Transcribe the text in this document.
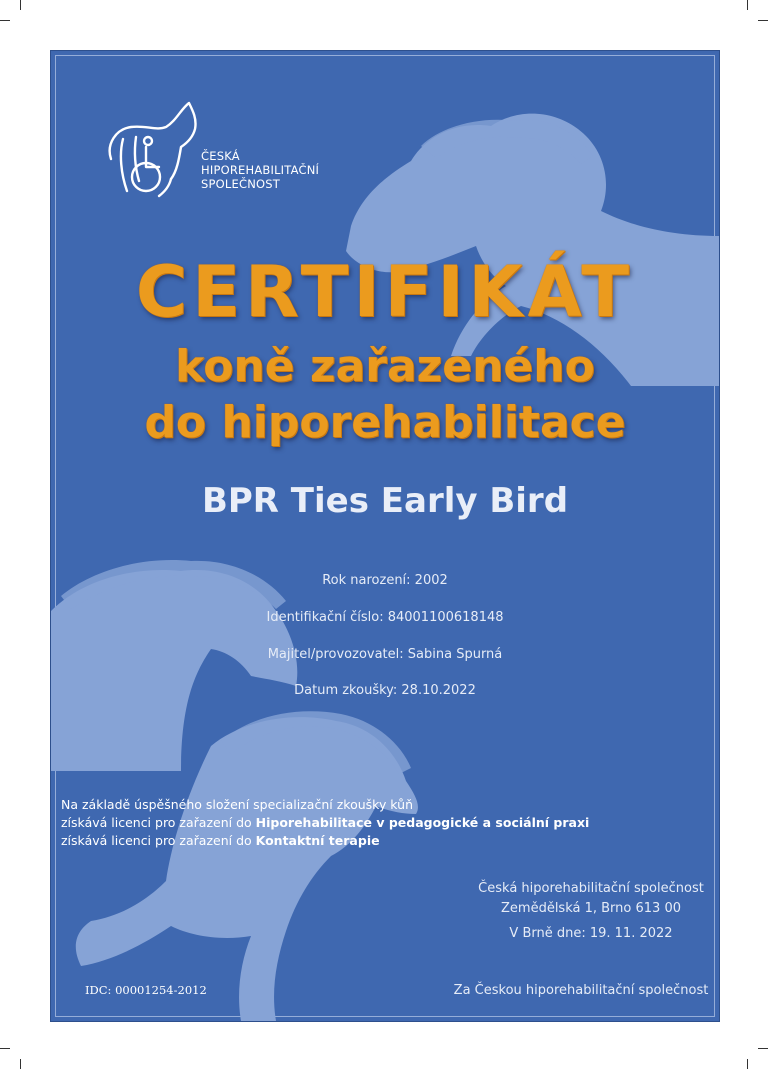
ČESKÁ
HIPOREHABILITAČNÍ
SPOLEČNOST
CERTIFIKÁT
koně zařazeného
do hiporehabilitace
BPR Ties Early Bird
Rok narození: 2002
Identifikační číslo: 84001100618148
Majitel/provozovatel: Sabina Spurná
Datum zkoušky: 28.10.2022
Na základě úspěšného složení specializační zkoušky kůň
získává licenci pro zařazení do Hiporehabilitace v pedagogické a sociální praxi
získává licenci pro zařazení do Kontaktní terapie
Česká hiporehabilitační společnost
Zemědělská 1, Brno 613 00
V Brně dne: 19. 11. 2022
IDC: 00001254-2012	Za Českou hiporehabilitační společnost
